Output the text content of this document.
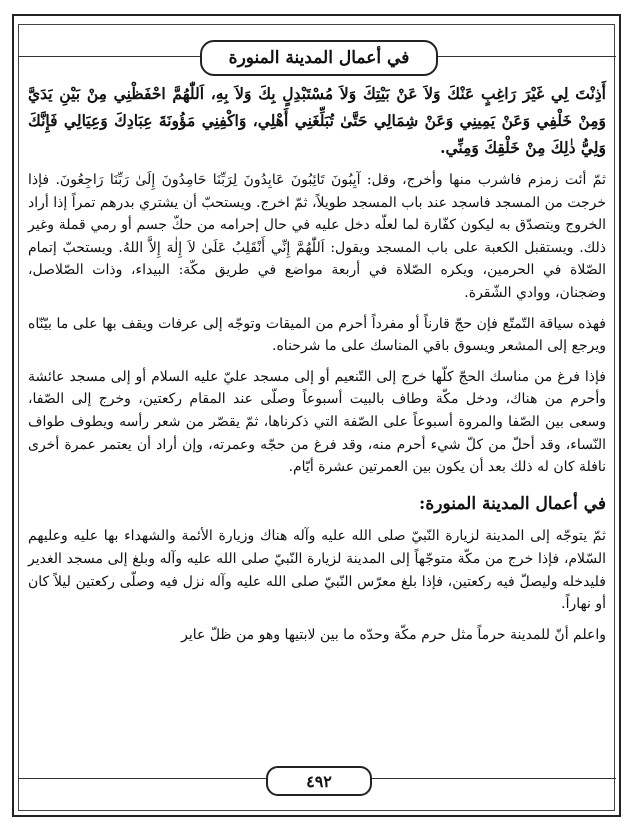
في أعمال المدينة المنورة

أَذِنْتَ لِي غَيْرَ رَاغِبٍ عَنْكَ وَلاَ عَنْ بَيْتِكَ وَلاَ مُسْتَبْدِلٍ بِكَ وَلاَ بِهِ، اَللّٰهُمَّ احْفَظْنِي مِنْ بَيْنِ يَدَيَّ وَمِنْ خَلْفِي وَعَنْ يَمِينِي وَعَنْ شِمَالِي حَتَّىٰ تُبَلِّغَنِي أَهْلِي، وَاكْفِنِي مَؤُونَةَ عِبَادِكَ وَعِيَالِي فَإِنَّكَ وَلِيُّ ذٰلِكَ مِنْ خَلْقِكَ وَمِنِّي.

ثمّ أئت زمزم فاشرب منها وأخرج، وقل: آيِبُونَ تَائِبُونَ عَابِدُونَ لِرَبِّنَا حَامِدُونَ إِلَىٰ رَبِّنَا رَاجِعُونَ. فإذا خرجت من المسجد فاسجد عند باب المسجد طويلاً، ثمّ اخرج. ويستحبّ أن يشتري بدرهم تمراً إذا أراد الخروج ويتصدّق به ليكون كفّارة لما لعلّه دخل عليه في حال إحرامه من حكّ جسم أو رمي قملة وغير ذلك. ويستقبل الكعبة على باب المسجد ويقول: اَللّٰهُمَّ إِنِّي أَنْقَلِبُ عَلَىٰ لاَ إِلٰهَ إِلاَّ اللهُ. ويستحبّ إتمام الصّلاة في الحرمين، ويكره الصّلاة في أربعة مواضع في طريق مكّة: البيداء، وذات الصّلاصل، وضجنان، ووادي الشّقرة.

فهذه سياقة التّمتّع فإن حجّ قارناً أو مفرداً أحرم من الميقات وتوجّه إلى عرفات ويقف بها على ما بيّنّاه ويرجع إلى المشعر ويسوق باقي المناسك على ما شرحناه.

فإذا فرغ من مناسك الحجّ كلّها خرج إلى التّنعيم أو إلى مسجد عليّ عليه السلام أو إلى مسجد عائشة وأحرم من هناك، ودخل مكّة وطاف بالبيت أسبوعاً وصلّى عند المقام ركعتين، وخرج إلى الصّفا، وسعى بين الصّفا والمروة أسبوعاً على الصّفة التي ذكرناها، ثمّ يقصّر من شعر رأسه ويطوف طواف النّساء، وقد أحلّ من كلّ شيء أحرم منه، وقد فرغ من حجّه وعمرته، وإن أراد أن يعتمر عمرة أخرى نافلة كان له ذلك بعد أن يكون بين العمرتين عشرة أيّام.

في أعمال المدينة المنورة:

ثمّ يتوجّه إلى المدينة لزيارة النّبيّ صلى الله عليه وآله هناك وزيارة الأئمة والشهداء بها عليه وعليهم السّلام، فإذا خرج من مكّة متوجّهاً إلى المدينة لزيارة النّبيّ صلى الله عليه وآله وبلغ إلى مسجد الغدير فليدخله وليصلّ فيه ركعتين، فإذا بلغ معرّس النّبيّ صلى الله عليه وآله نزل فيه وصلّى ركعتين ليلاً كان أو نهاراً.

واعلم أنّ للمدينة حرماً مثل حرم مكّة وحدّه ما بين لابتيها وهو من ظلّ عاير

٤٩٢
